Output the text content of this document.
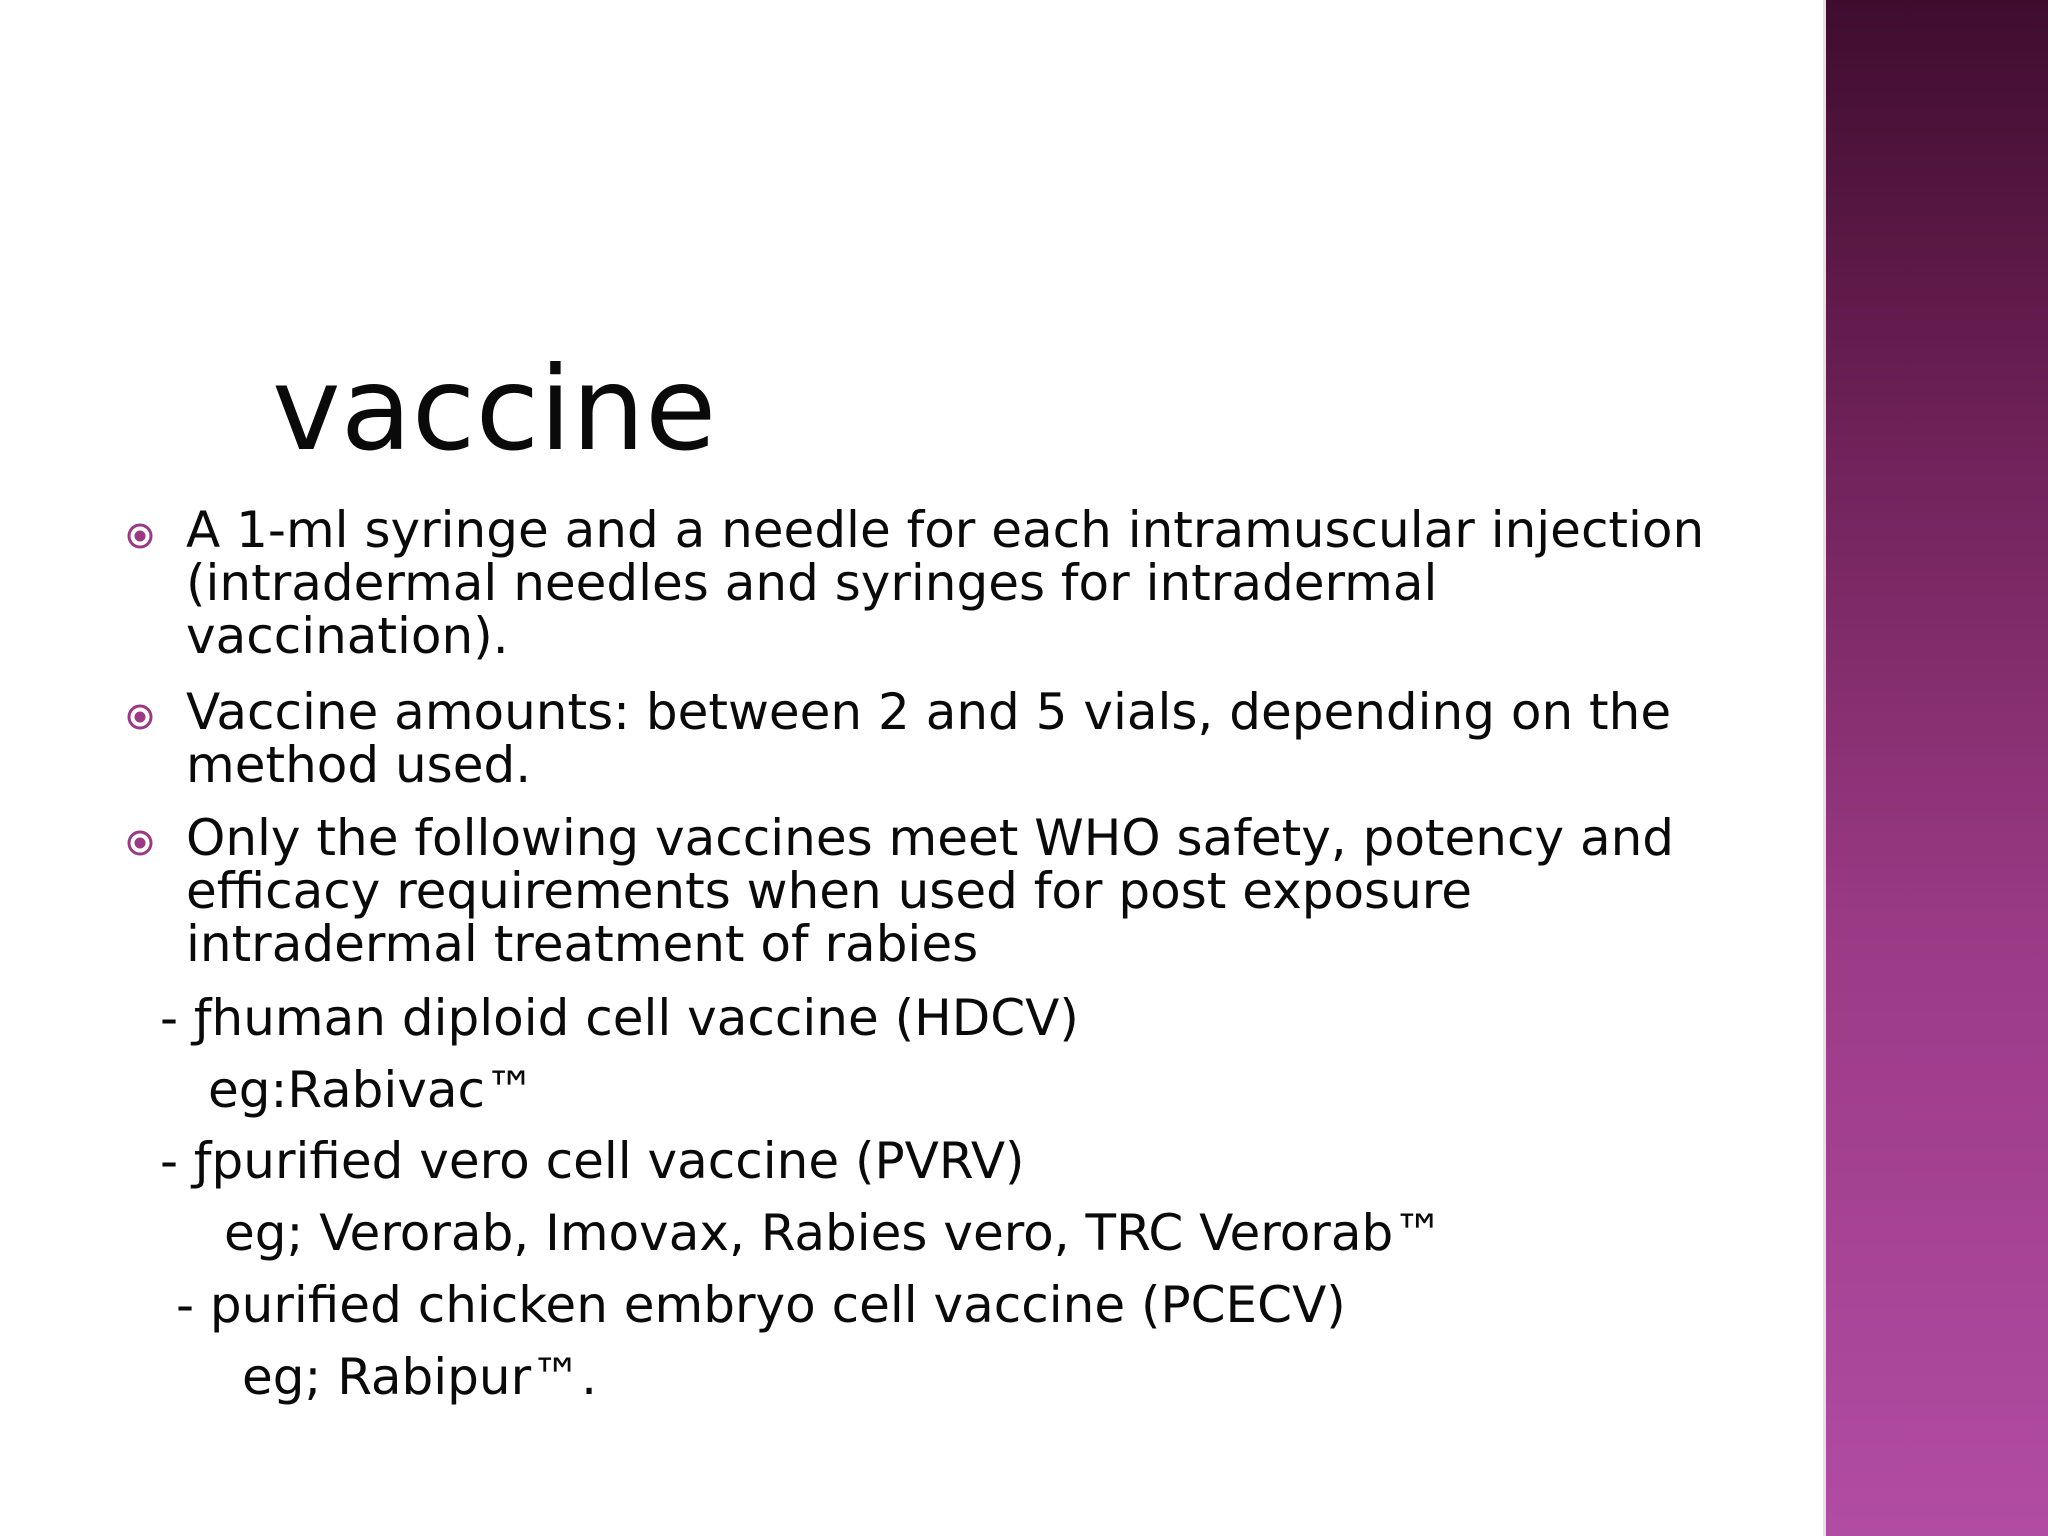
vaccine
A 1-ml syringe and a needle for each intramuscular injection (intradermal needles and syringes for intradermal vaccination).
Vaccine amounts: between 2 and 5 vials, depending on the method used.
Only the following vaccines meet WHO safety, potency and efficacy requirements when used for post exposure intradermal treatment of rabies
- ƒhuman diploid cell vaccine (HDCV)
eg:Rabivac™
- ƒpurified vero cell vaccine (PVRV)
eg; Verorab, Imovax, Rabies vero, TRC Verorab™
- purified chicken embryo cell vaccine (PCECV)
eg; Rabipur™.
